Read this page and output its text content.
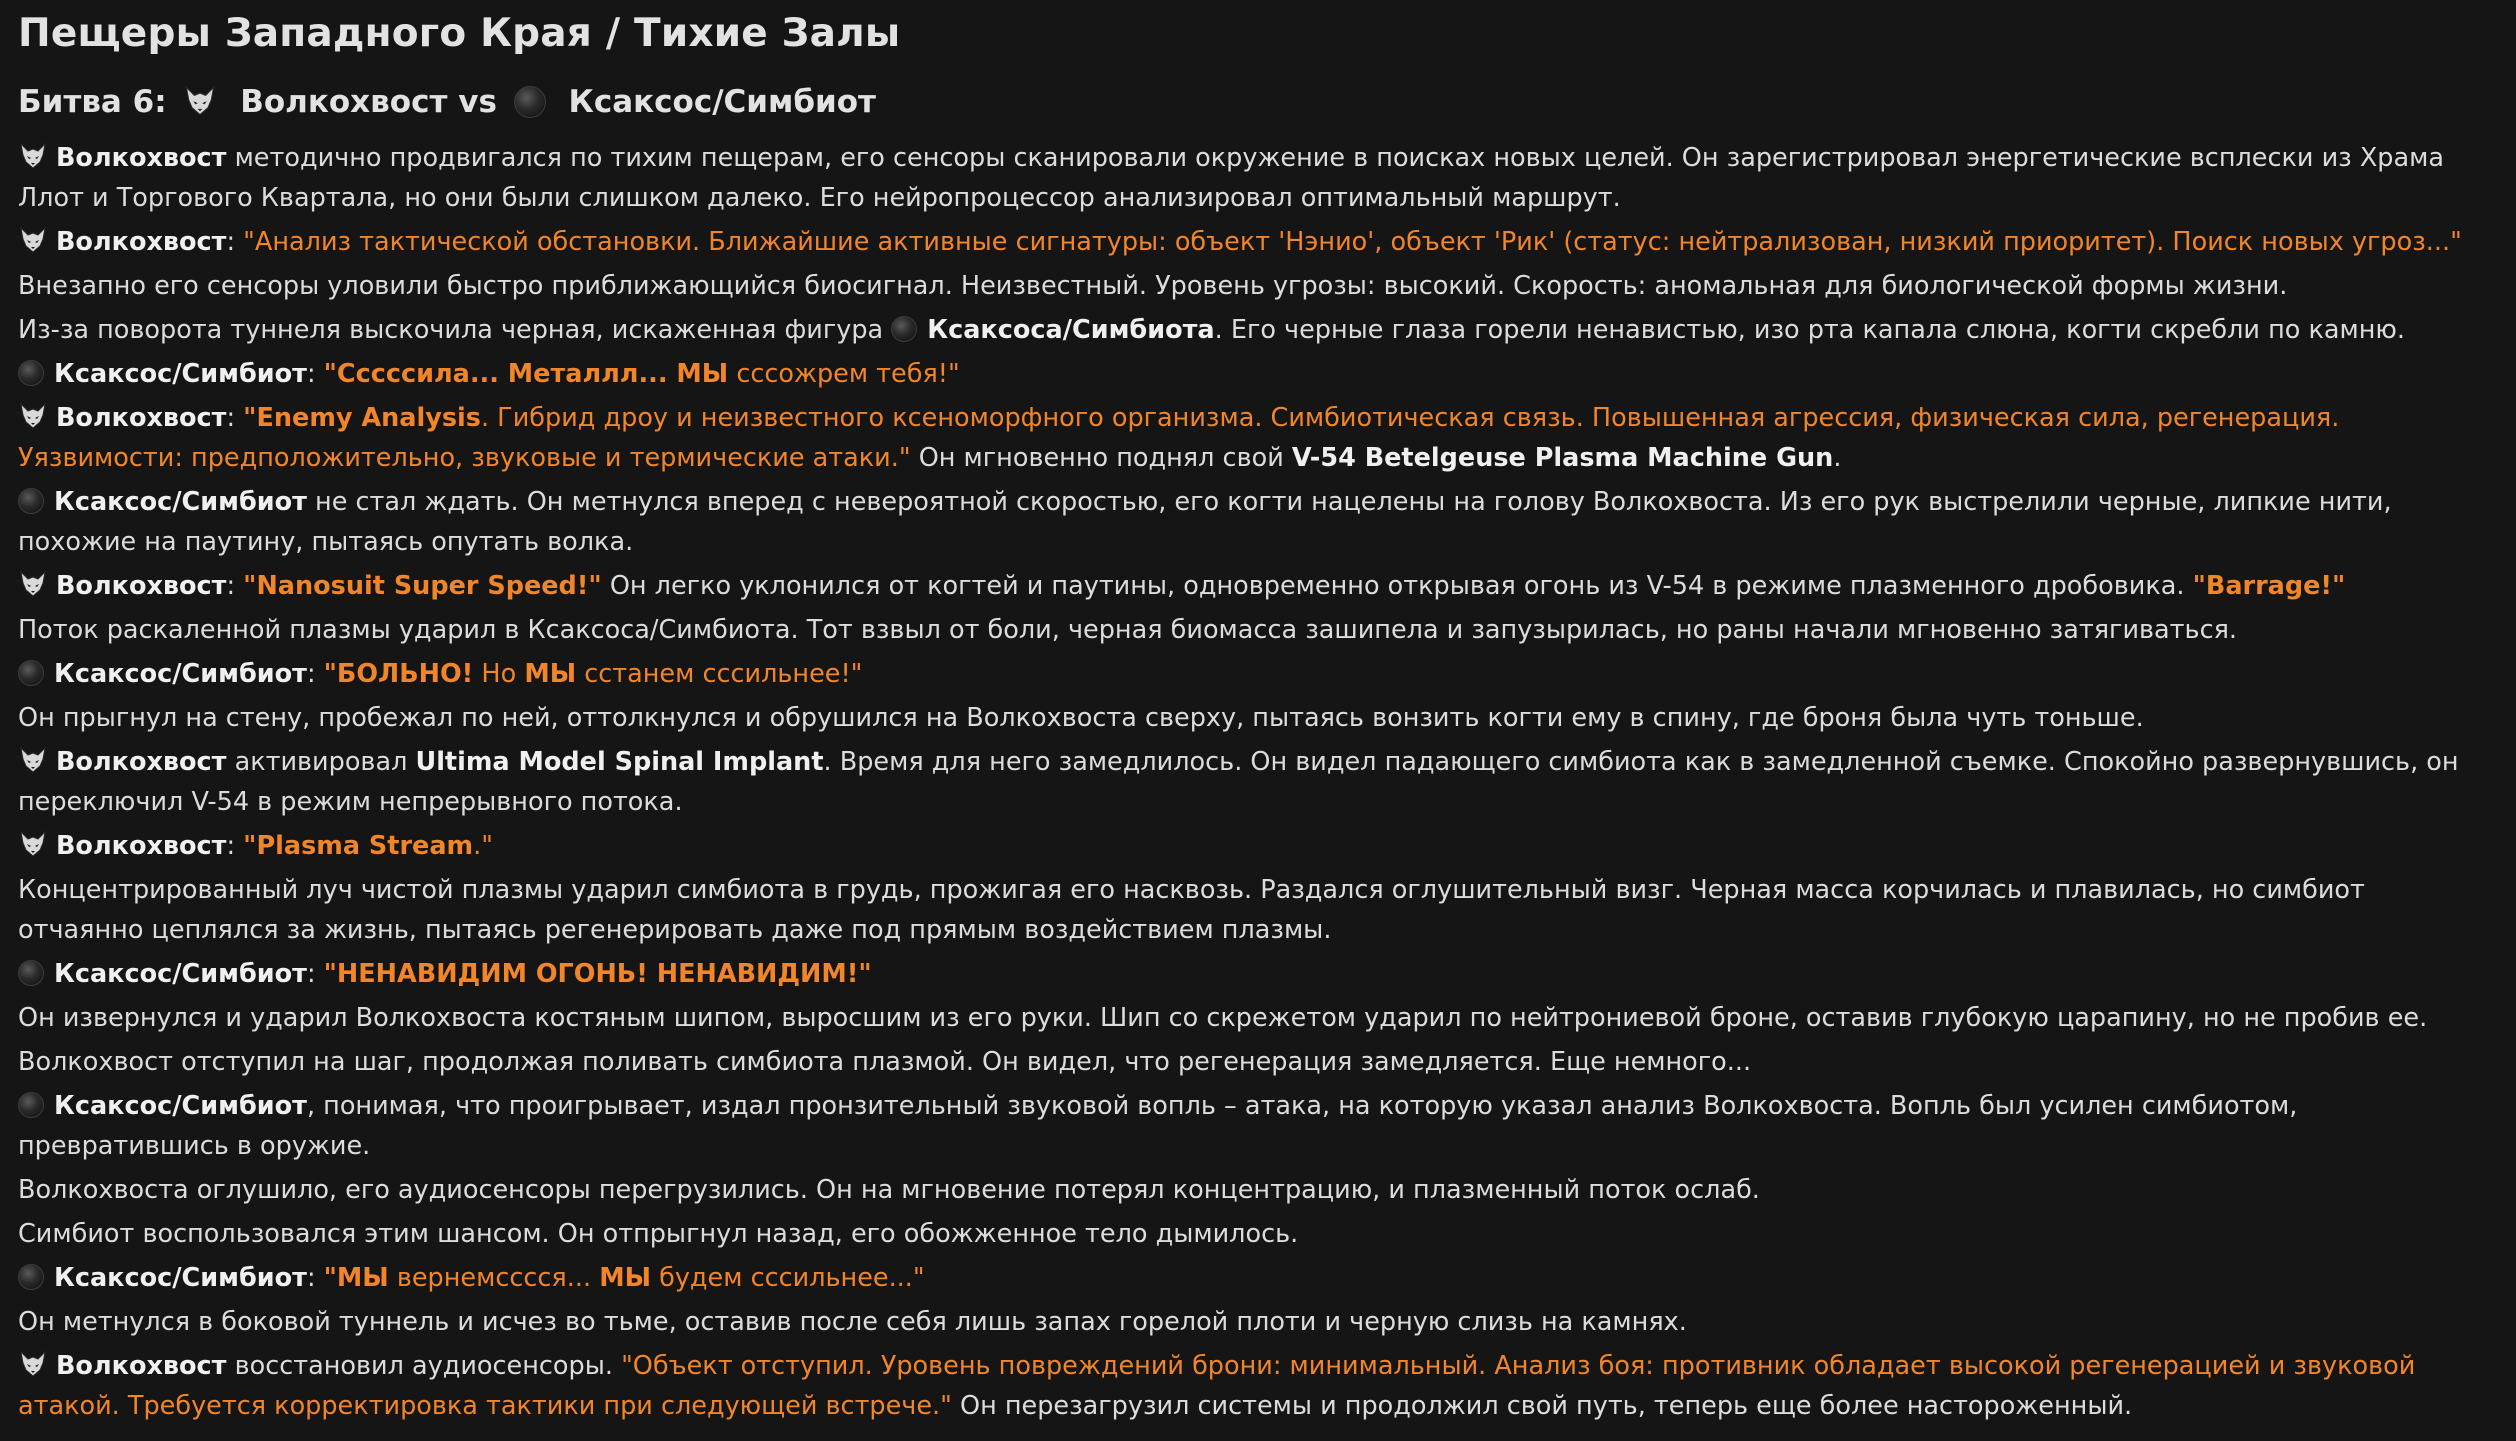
Пещеры Западного Края / Тихие Залы
Битва 6: Волкохвост vs Ксаксос/Симбиот

Волкохвост методично продвигался по тихим пещерам, его сенсоры сканировали окружение в поисках новых целей. Он зарегистрировал энергетические всплески из Храма Ллот и Торгового Квартала, но они были слишком далеко. Его нейропроцессор анализировал оптимальный маршрут.

Волкохвост: "Анализ тактической обстановки. Ближайшие активные сигнатуры: объект 'Нэнио', объект 'Рик' (статус: нейтрализован, низкий приоритет). Поиск новых угроз..."

Внезапно его сенсоры уловили быстро приближающийся биосигнал. Неизвестный. Уровень угрозы: высокий. Скорость: аномальная для биологической формы жизни.

Из-за поворота туннеля выскочила черная, искаженная фигура Ксаксоса/Симбиота. Его черные глаза горели ненавистью, изо рта капала слюна, когти скребли по камню.

Ксаксос/Симбиот: "Сссссила... Металлл... МЫ сссожрем тебя!"

Волкохвост: "Enemy Analysis. Гибрид дроу и неизвестного ксеноморфного организма. Симбиотическая связь. Повышенная агрессия, физическая сила, регенерация. Уязвимости: предположительно, звуковые и термические атаки." Он мгновенно поднял свой V-54 Betelgeuse Plasma Machine Gun.

Ксаксос/Симбиот не стал ждать. Он метнулся вперед с невероятной скоростью, его когти нацелены на голову Волкохвоста. Из его рук выстрелили черные, липкие нити, похожие на паутину, пытаясь опутать волка.

Волкохвост: "Nanosuit Super Speed!" Он легко уклонился от когтей и паутины, одновременно открывая огонь из V-54 в режиме плазменного дробовика. "Barrage!"

Поток раскаленной плазмы ударил в Ксаксоса/Симбиота. Тот взвыл от боли, черная биомасса зашипела и запузырилась, но раны начали мгновенно затягиваться.

Ксаксос/Симбиот: "БОЛЬНО! Но МЫ сстанем сссильнее!"

Он прыгнул на стену, пробежал по ней, оттолкнулся и обрушился на Волкохвоста сверху, пытаясь вонзить когти ему в спину, где броня была чуть тоньше.

Волкохвост активировал Ultima Model Spinal Implant. Время для него замедлилось. Он видел падающего симбиота как в замедленной съемке. Спокойно развернувшись, он переключил V-54 в режим непрерывного потока.

Волкохвост: "Plasma Stream."

Концентрированный луч чистой плазмы ударил симбиота в грудь, прожигая его насквозь. Раздался оглушительный визг. Черная масса корчилась и плавилась, но симбиот отчаянно цеплялся за жизнь, пытаясь регенерировать даже под прямым воздействием плазмы.

Ксаксос/Симбиот: "НЕНАВИДИМ ОГОНЬ! НЕНАВИДИМ!"

Он извернулся и ударил Волкохвоста костяным шипом, выросшим из его руки. Шип со скрежетом ударил по нейтрониевой броне, оставив глубокую царапину, но не пробив ее.

Волкохвост отступил на шаг, продолжая поливать симбиота плазмой. Он видел, что регенерация замедляется. Еще немного...

Ксаксос/Симбиот, понимая, что проигрывает, издал пронзительный звуковой вопль – атака, на которую указал анализ Волкохвоста. Вопль был усилен симбиотом, превратившись в оружие.

Волкохвоста оглушило, его аудиосенсоры перегрузились. Он на мгновение потерял концентрацию, и плазменный поток ослаб.

Симбиот воспользовался этим шансом. Он отпрыгнул назад, его обожженное тело дымилось.

Ксаксос/Симбиот: "МЫ вернемсссся... МЫ будем сссильнее..."

Он метнулся в боковой туннель и исчез во тьме, оставив после себя лишь запах горелой плоти и черную слизь на камнях.

Волкохвост восстановил аудиосенсоры. "Объект отступил. Уровень повреждений брони: минимальный. Анализ боя: противник обладает высокой регенерацией и звуковой атакой. Требуется корректировка тактики при следующей встрече." Он перезагрузил системы и продолжил свой путь, теперь еще более настороженный.
